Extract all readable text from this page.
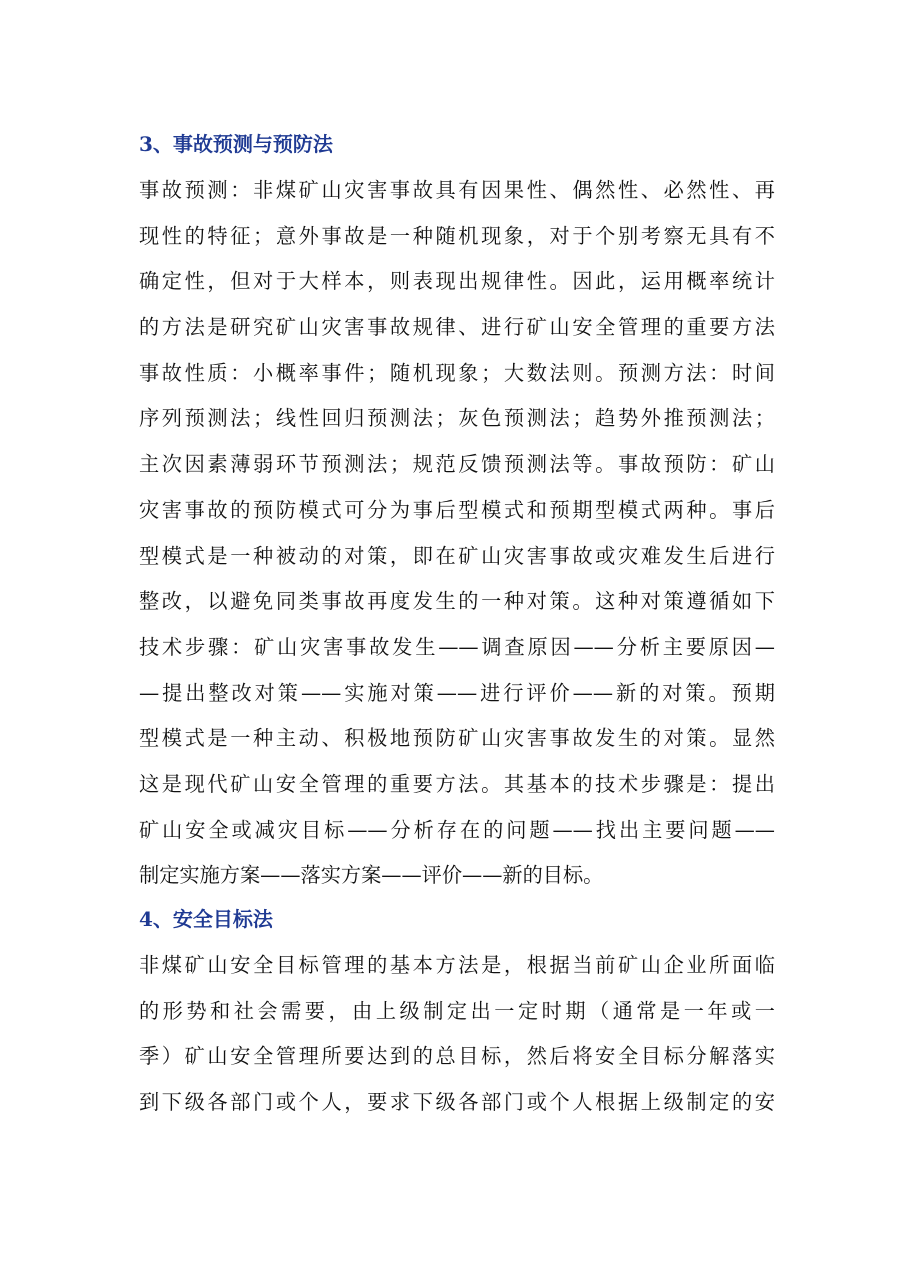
3、事故预测与预防法

事故预测：非煤矿山灾害事故具有因果性、偶然性、必然性、再
现性的特征；意外事故是一种随机现象，对于个别考察无具有不
确定性，但对于大样本，则表现出规律性。因此，运用概率统计
的方法是研究矿山灾害事故规律、进行矿山安全管理的重要方法
事故性质：小概率事件；随机现象；大数法则。预测方法：时间
序列预测法；线性回归预测法；灰色预测法；趋势外推预测法；
主次因素薄弱环节预测法；规范反馈预测法等。事故预防：矿山
灾害事故的预防模式可分为事后型模式和预期型模式两种。事后
型模式是一种被动的对策，即在矿山灾害事故或灾难发生后进行
整改，以避免同类事故再度发生的一种对策。这种对策遵循如下
技术步骤：矿山灾害事故发生——调查原因——分析主要原因—
—提出整改对策——实施对策——进行评价——新的对策。预期
型模式是一种主动、积极地预防矿山灾害事故发生的对策。显然
这是现代矿山安全管理的重要方法。其基本的技术步骤是：提出
矿山安全或减灾目标——分析存在的问题——找出主要问题——
制定实施方案——落实方案——评价——新的目标。

4、安全目标法

非煤矿山安全目标管理的基本方法是，根据当前矿山企业所面临
的形势和社会需要，由上级制定出一定时期（通常是一年或一
季）矿山安全管理所要达到的总目标，然后将安全目标分解落实
到下级各部门或个人，要求下级各部门或个人根据上级制定的安
